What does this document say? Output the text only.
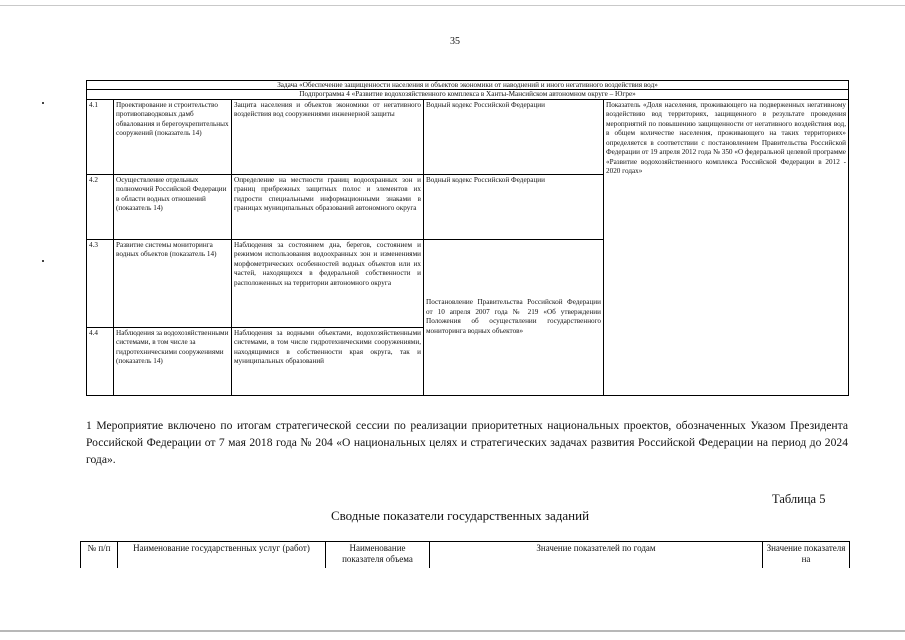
35
Задача «Обеспечение защищенности населения и объектов экономики от наводнений и иного негативного воздействия вод»				
Подпрограмма 4 «Развитие водохозяйственного комплекса в Ханты-Мансийском автономном округе – Югре»				
4.1	Проектирование и строительство противопаводковых дамб обвалования и берегоукрепительных сооружений (показатель 14)	Защита населения и объектов экономики от негативного воздействия вод сооружениями инженерной защиты	Водный кодекс Российской Федерации	Показатель «Доля населения, проживающего на подверженных негативному воздействию вод территориях, защищенного в результате проведения мероприятий по повышению защищенности от негативного воздействия вод, в общем количестве населения, проживающего на таких территориях» определяется в соответствии с постановлением Правительства Российской Федерации от 19 апреля 2012 года № 350 «О федеральной целевой программе «Развитие водохозяйственного комплекса Российской Федерации в 2012 - 2020 годах»
4.2	Осуществление отдельных полномочий Российской Федерации в области водных отношений (показатель 14)	Определение на местности границ водоохранных зон и границ прибрежных защитных полос и элементов их гидрости специальными информационными знаками в границах муниципальных образований автономного округа	Водный кодекс Российской Федерации	
4.3	Развитие системы мониторинга водных объектов (показатель 14)	Наблюдения за состоянием дна, берегов, состоянием и режимом использования водоохранных зон и изменениями морфометрических особенностей водных объектов или их частей, находящихся в федеральной собственности и расположенных на территории автономного округа	Постановление Правительства Российской Федерации от 10 апреля 2007 года № 219 «Об утверждении Положения об осуществлении государственного мониторинга водных объектов»	
4.4	Наблюдения за водохозяйственными системами, в том числе за гидротехническими сооружениями (показатель 14)	Наблюдения за водными объектами, водохозяйственными системами, в том числе гидротехническими сооружениями, находящимися в собственности края округа, так и муниципальных образований		
1 Мероприятие включено по итогам стратегической сессии по реализации приоритетных национальных проектов, обозначенных Указом Президента Российской Федерации от 7 мая 2018 года № 204 «О национальных целях и стратегических задачах развития Российской Федерации на период до 2024 года».
Таблица 5
Сводные показатели государственных заданий
№ п/п	Наименование государственных услуг (работ)	Наименование показателя объема	Значение показателей по годам	Значение показателя на
